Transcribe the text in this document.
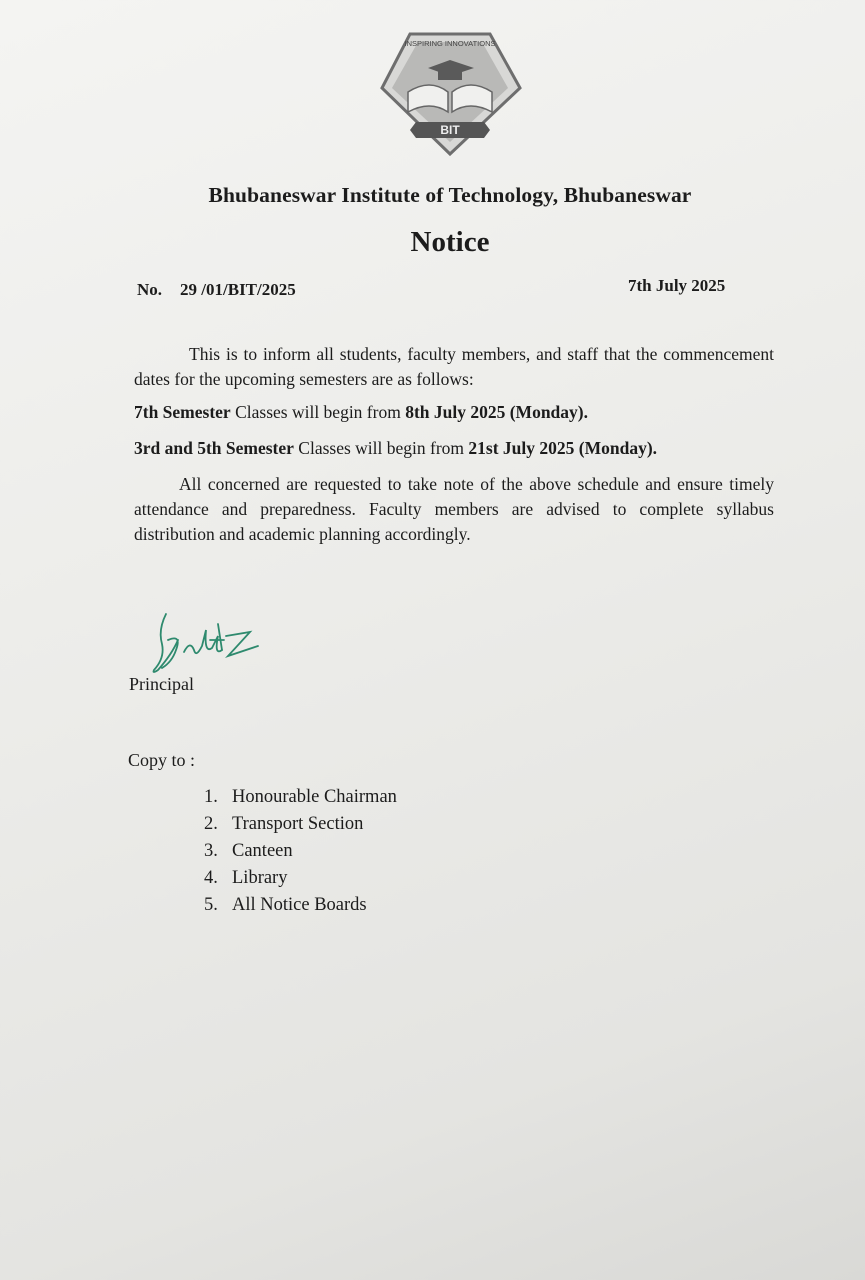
INSPIRING INNOVATIONS
BIT
Bhubaneswar Institute of Technology, Bhubaneswar
Notice
No. 29 /01/BIT/2025	7th July 2025
This is to inform all students, faculty members, and staff that the commencement dates for the upcoming semesters are as follows:
7th Semester Classes will begin from 8th July 2025 (Monday).
3rd and 5th Semester Classes will begin from 21st July 2025 (Monday).
All concerned are requested to take note of the above schedule and ensure timely attendance and preparedness. Faculty members are advised to complete syllabus distribution and academic planning accordingly.
Principal
Copy to :
1. Honourable Chairman
2. Transport Section
3. Canteen
4. Library
5. All Notice Boards
